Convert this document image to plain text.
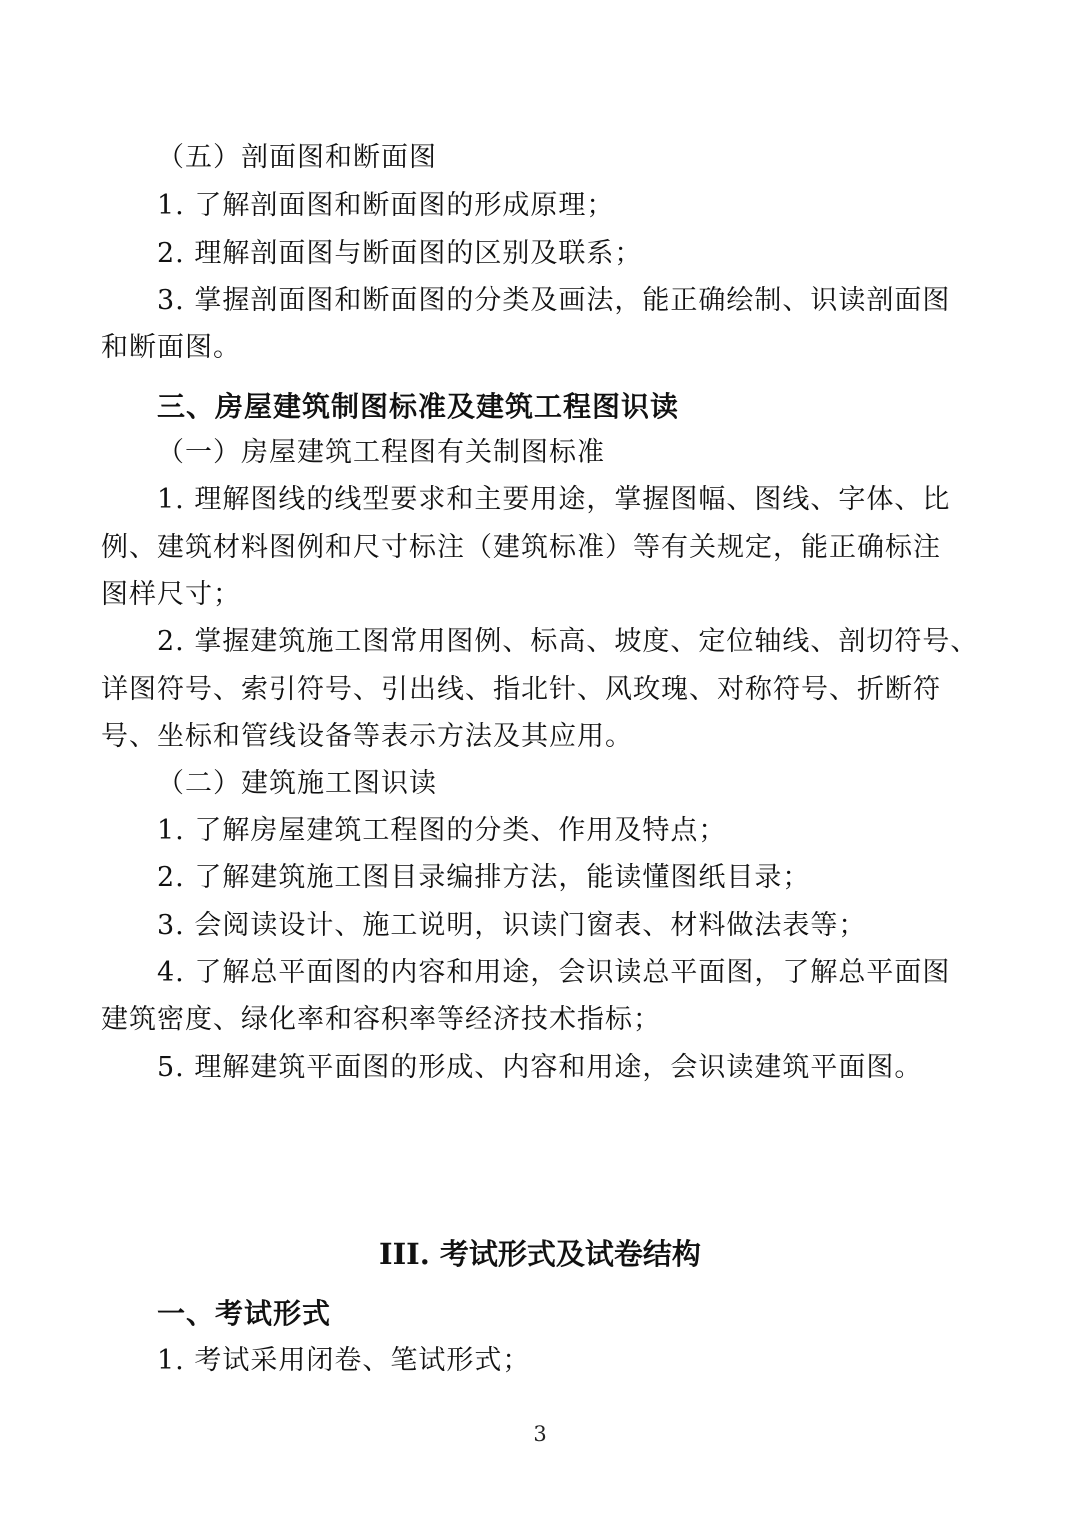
（五）剖面图和断面图
1. 了解剖面图和断面图的形成原理；
2. 理解剖面图与断面图的区别及联系；
3. 掌握剖面图和断面图的分类及画法，能正确绘制、识读剖面图
和断面图。
三、房屋建筑制图标准及建筑工程图识读
（一）房屋建筑工程图有关制图标准
1. 理解图线的线型要求和主要用途，掌握图幅、图线、字体、比
例、建筑材料图例和尺寸标注（建筑标准）等有关规定，能正确标注
图样尺寸；
2. 掌握建筑施工图常用图例、标高、坡度、定位轴线、剖切符号、
详图符号、索引符号、引出线、指北针、风玫瑰、对称符号、折断符
号、坐标和管线设备等表示方法及其应用。
（二）建筑施工图识读
1. 了解房屋建筑工程图的分类、作用及特点；
2. 了解建筑施工图目录编排方法，能读懂图纸目录；
3. 会阅读设计、施工说明，识读门窗表、材料做法表等；
4. 了解总平面图的内容和用途，会识读总平面图，了解总平面图
建筑密度、绿化率和容积率等经济技术指标；
5. 理解建筑平面图的形成、内容和用途，会识读建筑平面图。
III. 考试形式及试卷结构
一、考试形式
1. 考试采用闭卷、笔试形式；
3
